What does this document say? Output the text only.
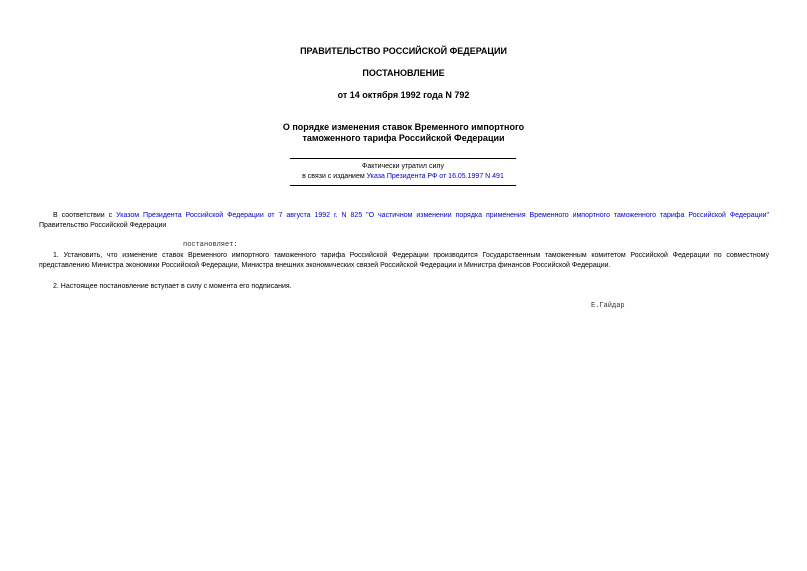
ПРАВИТЕЛЬСТВО РОССИЙСКОЙ ФЕДЕРАЦИИ
ПОСТАНОВЛЕНИЕ
от 14 октября 1992 года N 792
О порядке изменения ставок Временного импортного
таможенного тарифа Российской Федерации
Фактически утратил силу
в связи с изданием Указа Президента РФ от 16.05.1997 N 491
В соответствии с Указом Президента Российской Федерации от 7 августа 1992 г. N 825 "О частичном изменении порядка применения Временного импортного таможенного тарифа Российской Федерации" Правительство Российской Федерации
постановляет:
1. Установить, что изменение ставок Временного импортного таможенного тарифа Российской Федерации производится Государственным таможенным комитетом Российской Федерации по совместному представлению Министра экономики Российской Федерации, Министра внешних экономических связей Российской Федерации и Министра финансов Российской Федерации.
2. Настоящее постановление вступает в силу с момента его подписания.
Е.Гайдар
